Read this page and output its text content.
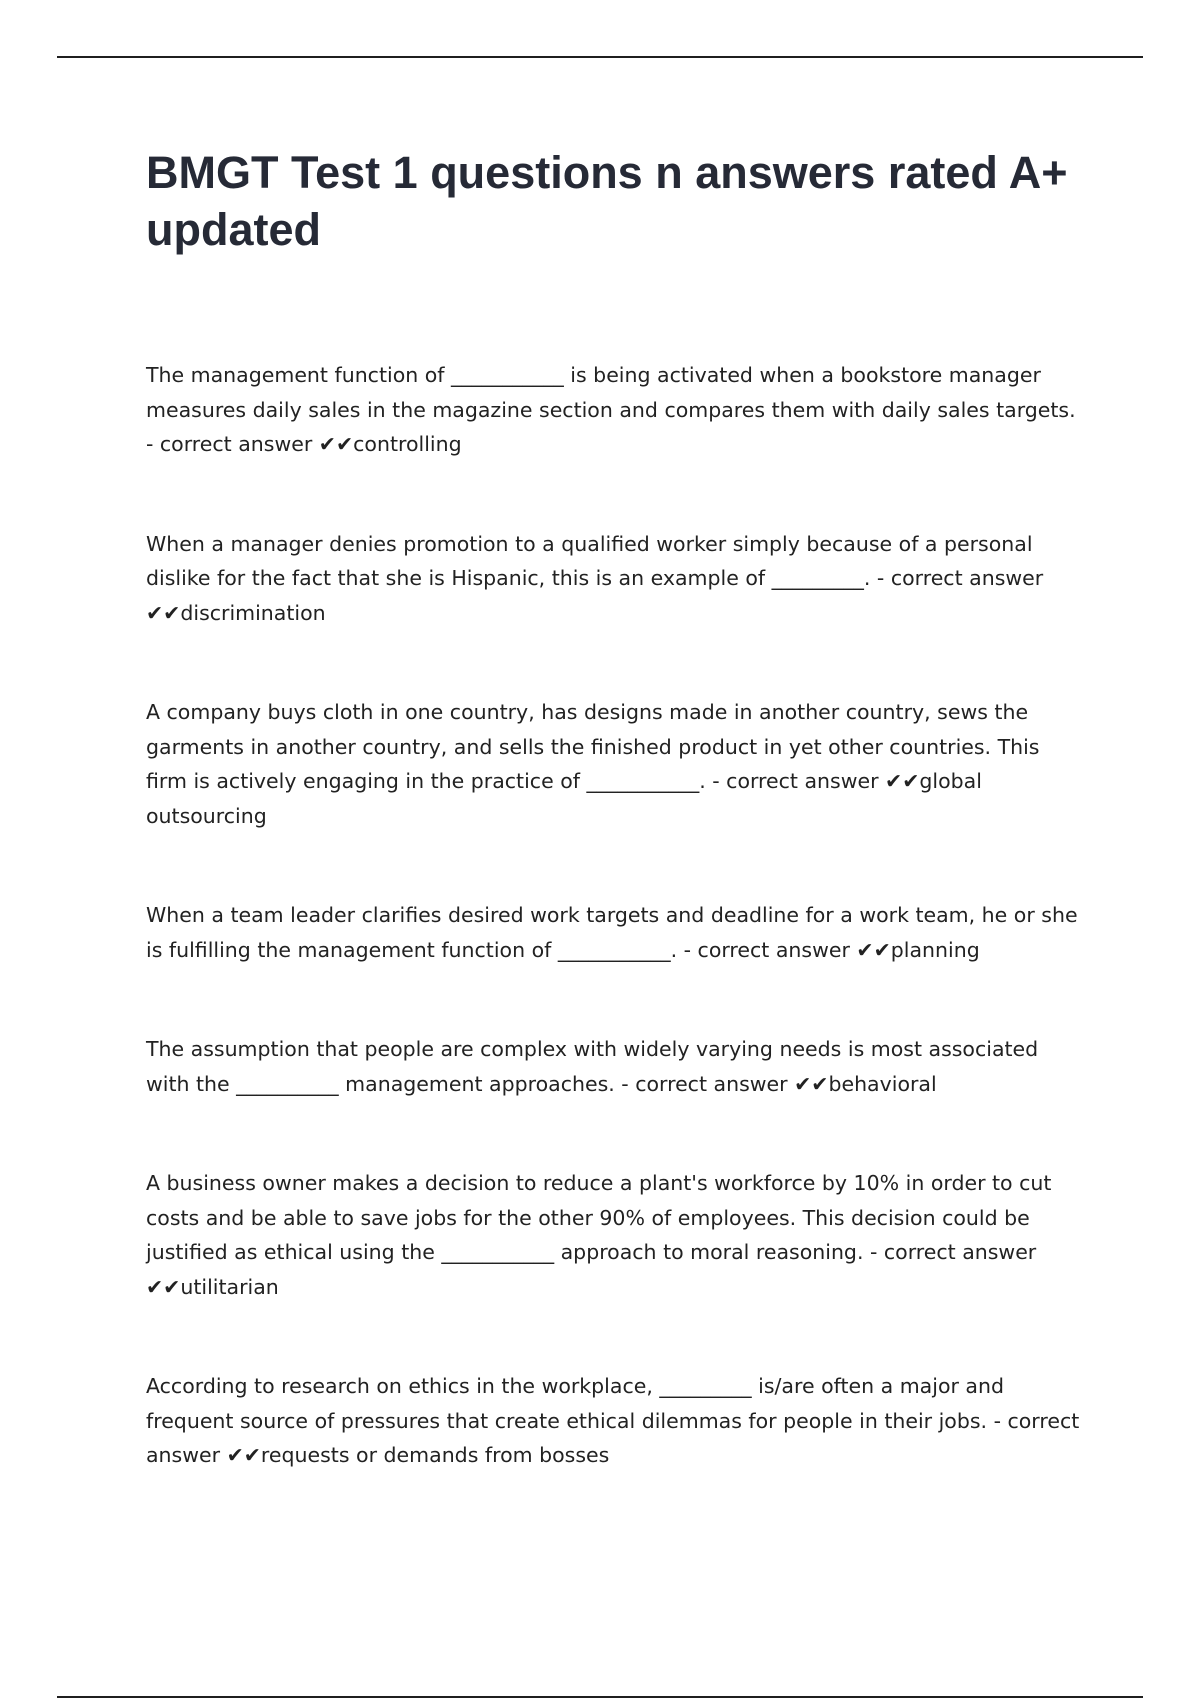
BMGT Test 1 questions n answers rated A+ updated

The management function of ___________ is being activated when a bookstore manager measures daily sales in the magazine section and compares them with daily sales targets. - correct answer ✔✔controlling

When a manager denies promotion to a qualified worker simply because of a personal dislike for the fact that she is Hispanic, this is an example of _________. - correct answer ✔✔discrimination

A company buys cloth in one country, has designs made in another country, sews the garments in another country, and sells the finished product in yet other countries. This firm is actively engaging in the practice of ___________. - correct answer ✔✔global outsourcing

When a team leader clarifies desired work targets and deadline for a work team, he or she is fulfilling the management function of ___________. - correct answer ✔✔planning

The assumption that people are complex with widely varying needs is most associated with the __________ management approaches. - correct answer ✔✔behavioral

A business owner makes a decision to reduce a plant's workforce by 10% in order to cut costs and be able to save jobs for the other 90% of employees. This decision could be justified as ethical using the ___________ approach to moral reasoning. - correct answer ✔✔utilitarian

According to research on ethics in the workplace, _________ is/are often a major and frequent source of pressures that create ethical dilemmas for people in their jobs. - correct answer ✔✔requests or demands from bosses
